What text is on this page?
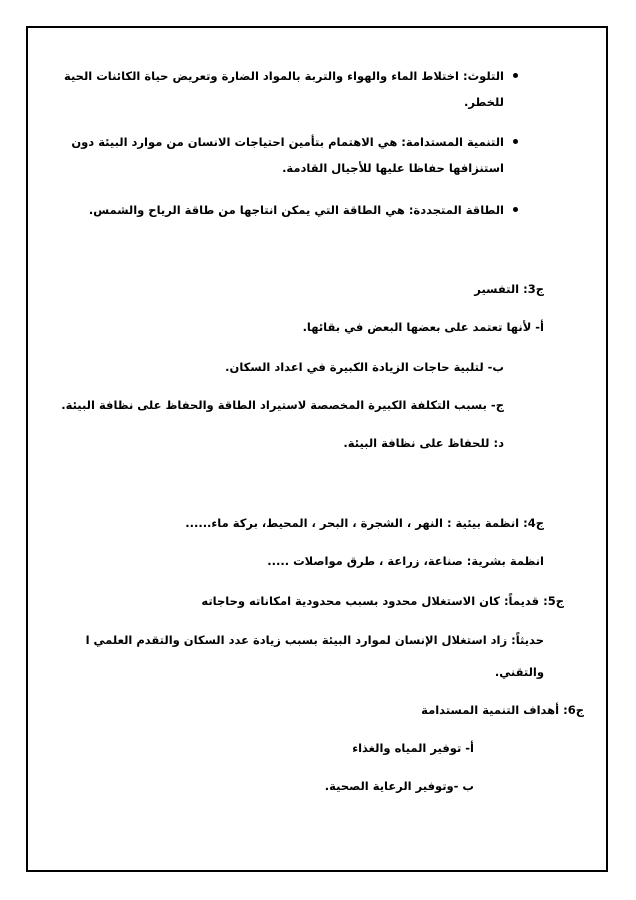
التلوث: اختلاط الماء والهواء والتربة بالمواد الضارة وتعريض حياة الكائنات الحية
للخطر.
التنمية المستدامة: هي الاهتمام بتأمين احتياجات الانسان من موارد البيئة دون
استنزافها حفاظا عليها للأجيال القادمة.
الطاقة المتجددة: هي الطاقة التي يمكن انتاجها من طاقة الرياح والشمس.
ج3: التفسير
أ- لأنها تعتمد على بعضها البعض في بقائها.
ب- لتلبية حاجات الزيادة الكبيرة في اعداد السكان.
ج- بسبب التكلفة الكبيرة المخصصة لاستيراد الطاقة والحفاظ على نظافة البيئة.
د: للحفاظ على نظافة البيئة.
ج4: انظمة بيئية : النهر ، الشجرة ، البحر ، المحيط، بركة ماء......
انظمة بشرية: صناعة، زراعة ، طرق مواصلات .....
ج5: قديماً: كان الاستغلال محدود بسبب محدودية امكاناته وحاجاته
حديثاً: زاد استغلال الإنسان لموارد البيئة بسبب زيادة عدد السكان والتقدم العلمي ا
والتقني.
ج6: أهداف التنمية المستدامة
أ- توفير المياه والغذاء
ب -وتوفير الرعاية الصحية.
